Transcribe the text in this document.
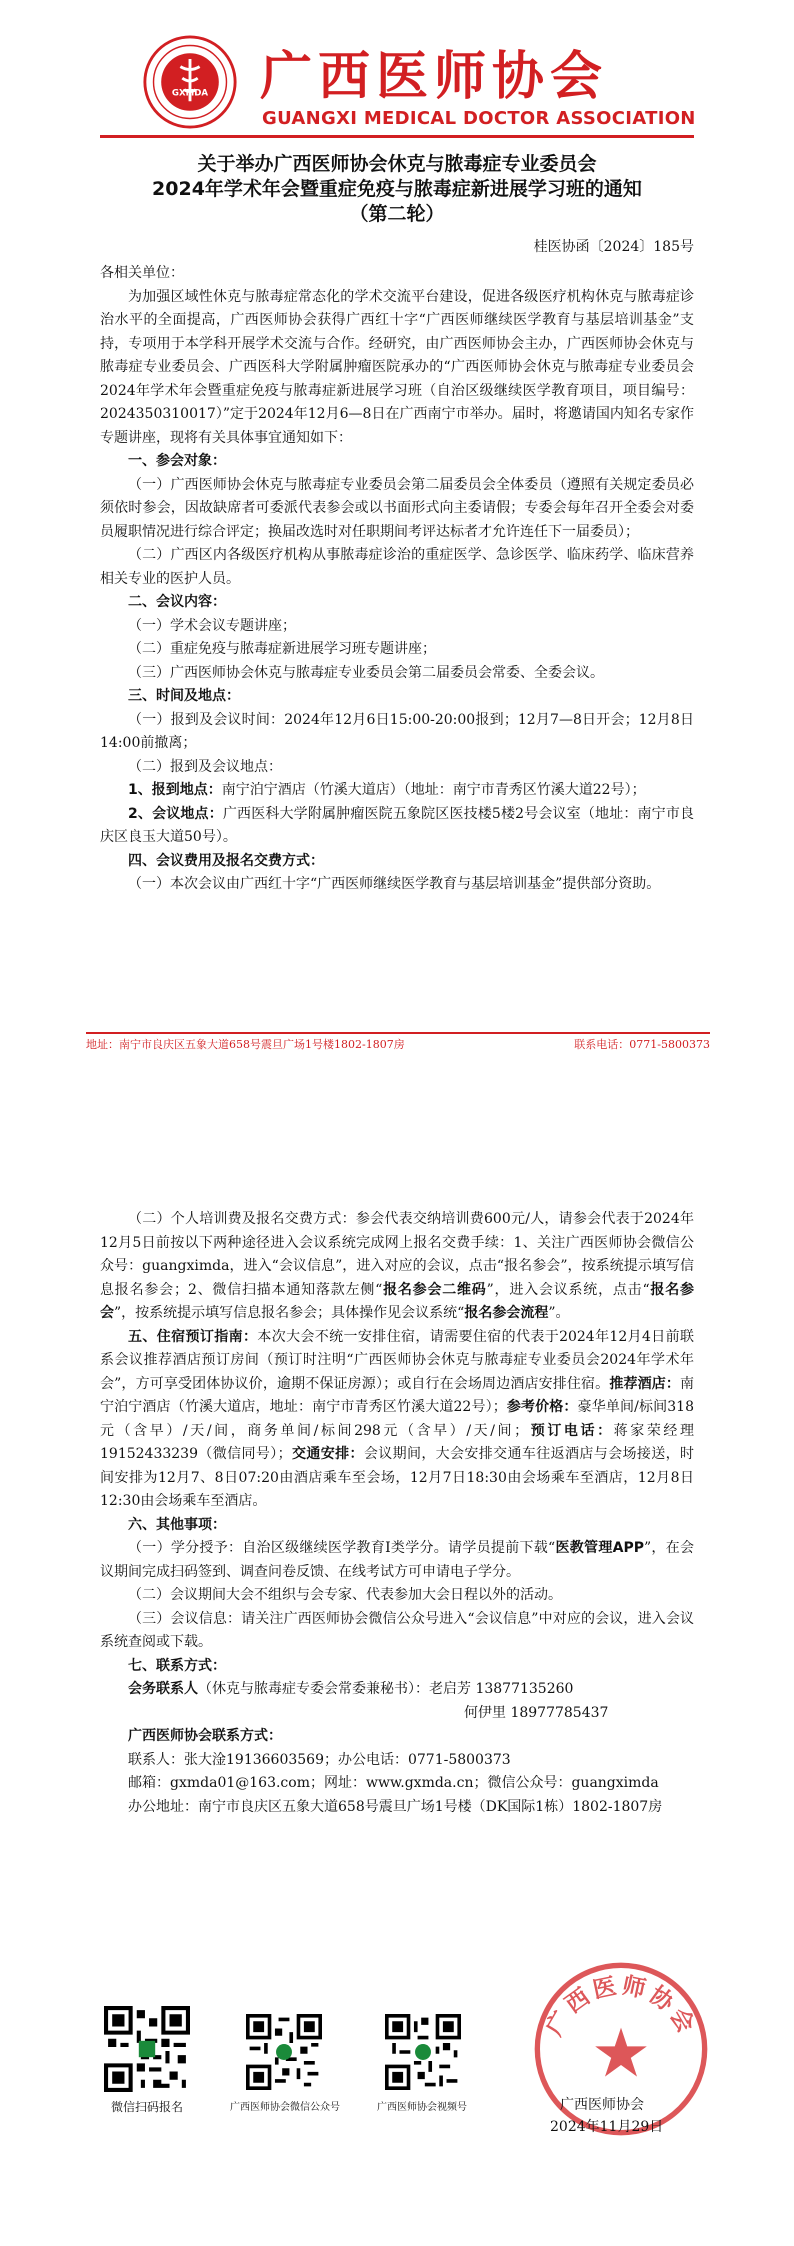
GXMDA 广西医师协会
GUANGXI MEDICAL DOCTOR ASSOCIATION
关于举办广西医师协会休克与脓毒症专业委员会
2024年学术年会暨重症免疫与脓毒症新进展学习班的通知
（第二轮）
桂医协函〔2024〕185号

各相关单位：

为加强区域性休克与脓毒症常态化的学术交流平台建设，促进各级医疗机构休克与脓毒症诊治水平的全面提高，广西医师协会获得广西红十字“广西医师继续医学教育与基层培训基金”支持，专项用于本学科开展学术交流与合作。经研究，由广西医师协会主办，广西医师协会休克与脓毒症专业委员会、广西医科大学附属肿瘤医院承办的“广西医师协会休克与脓毒症专业委员会2024年学术年会暨重症免疫与脓毒症新进展学习班（自治区级继续医学教育项目，项目编号：2024350310017）”定于2024年12月6—8日在广西南宁市举办。届时，将邀请国内知名专家作专题讲座，现将有关具体事宜通知如下：

一、参会对象：

（一）广西医师协会休克与脓毒症专业委员会第二届委员会全体委员（遵照有关规定委员必须依时参会，因故缺席者可委派代表参会或以书面形式向主委请假；专委会每年召开全委会对委员履职情况进行综合评定；换届改选时对任职期间考评达标者才允许连任下一届委员）；

（二）广西区内各级医疗机构从事脓毒症诊治的重症医学、急诊医学、临床药学、临床营养相关专业的医护人员。

二、会议内容：

（一）学术会议专题讲座；

（二）重症免疫与脓毒症新进展学习班专题讲座；

（三）广西医师协会休克与脓毒症专业委员会第二届委员会常委、全委会议。

三、时间及地点：

（一）报到及会议时间：2024年12月6日15:00-20:00报到；12月7—8日开会；12月8日14:00前撤离；

（二）报到及会议地点：

1、报到地点：南宁泊宁酒店（竹溪大道店）（地址：南宁市青秀区竹溪大道22号）；

2、会议地点：广西医科大学附属肿瘤医院五象院区医技楼5楼2号会议室（地址：南宁市良庆区良玉大道50号）。

四、会议费用及报名交费方式：

（一）本次会议由广西红十字“广西医师继续医学教育与基层培训基金”提供部分资助。

地址：南宁市良庆区五象大道658号震旦广场1号楼1802-1807房	联系电话：0771-5800373

（二）个人培训费及报名交费方式：参会代表交纳培训费600元/人，请参会代表于2024年12月5日前按以下两种途径进入会议系统完成网上报名交费手续：1、关注广西医师协会微信公众号：guangximda，进入“会议信息”，进入对应的会议，点击“报名参会”，按系统提示填写信息报名参会；2、微信扫描本通知落款左侧“报名参会二维码”，进入会议系统，点击“报名参会”，按系统提示填写信息报名参会；具体操作见会议系统“报名参会流程”。

五、住宿预订指南：本次大会不统一安排住宿，请需要住宿的代表于2024年12月4日前联系会议推荐酒店预订房间（预订时注明“广西医师协会休克与脓毒症专业委员会2024年学术年会”，方可享受团体协议价，逾期不保证房源）；或自行在会场周边酒店安排住宿。推荐酒店：南宁泊宁酒店（竹溪大道店，地址：南宁市青秀区竹溪大道22号）；参考价格：豪华单间/标间318元（含早）/天/间，商务单间/标间298元（含早）/天/间；预订电话：蒋家荣经理19152433239（微信同号）；交通安排：会议期间，大会安排交通车往返酒店与会场接送，时间安排为12月7、8日07:20由酒店乘车至会场，12月7日18:30由会场乘车至酒店，12月8日12:30由会场乘车至酒店。

六、其他事项：

（一）学分授予：自治区级继续医学教育Ⅰ类学分。请学员提前下载“医教管理APP”，在会议期间完成扫码签到、调查问卷反馈、在线考试方可申请电子学分。

（二）会议期间大会不组织与会专家、代表参加大会日程以外的活动。

（三）会议信息：请关注广西医师协会微信公众号进入“会议信息”中对应的会议，进入会议系统查阅或下载。

七、联系方式：

会务联系人（休克与脓毒症专委会常委兼秘书）：老启芳 13877135260

何伊里 18977785437

广西医师协会联系方式：

联系人：张大淦19136603569；办公电话：0771-5800373

邮箱：gxmda01@163.com；网址：www.gxmda.cn；微信公众号：guangximda

办公地址：南宁市良庆区五象大道658号震旦广场1号楼（DK国际1栋）1802-1807房

微信扫码报名	广西医师协会微信公众号	广西医师协会视频号
广西医师协会
广西医师协会
2024年11月29日
